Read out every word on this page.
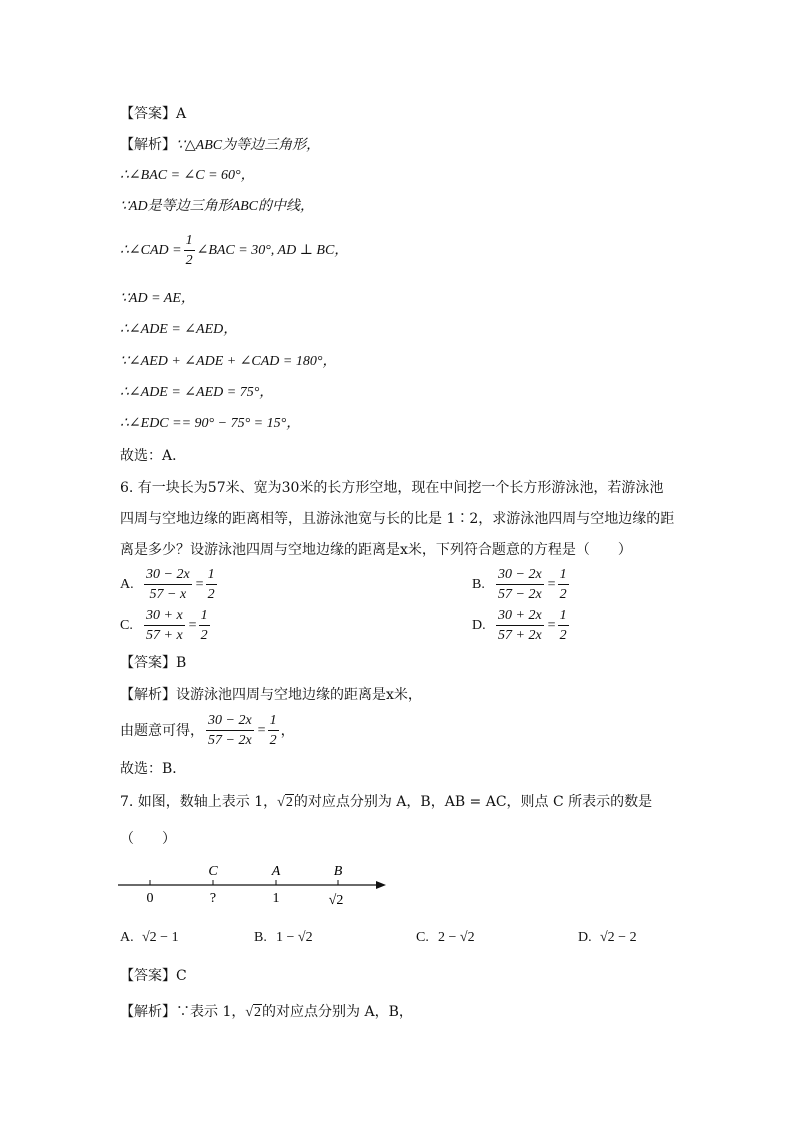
【答案】A
【解析】∵△ABC为等边三角形，
∴∠BAC = ∠C = 60°，
∵AD是等边三角形ABC的中线，
∴∠CAD = $\frac{1}{2}$ ∠BAC = 30°, AD ⊥ BC，
∵AD = AE，
∴∠ADE = ∠AED，
∵∠AED + ∠ADE + ∠CAD = 180°，
∴∠ADE = ∠AED = 75°，
∴∠EDC == 90° − 75° = 15°，
故选：A．
6. 有一块长为57米、宽为30米的长方形空地，现在中间挖一个长方形游泳池，若游泳池
四周与空地边缘的距离相等，且游泳池宽与长的比是 1∶2，求游泳池四周与空地边缘的距
离是多少？设游泳池四周与空地边缘的距离是x米，下列符合题意的方程是（　　）
A. $\frac{30 - 2x}{57 - x} = \frac{1}{2}$	B. $\frac{30 - 2x}{57 - 2x} = \frac{1}{2}$
C. $\frac{30 + x}{57 + x} = \frac{1}{2}$	D. $\frac{30 + 2x}{57 + 2x} = \frac{1}{2}$
【答案】B
【解析】设游泳池四周与空地边缘的距离是x米，
由题意可得， $\frac{30 - 2x}{57 - 2x} = \frac{1}{2}$ ，
故选：B．
7. 如图，数轴上表示 1，√2的对应点分别为 A，B，AB = AC，则点 C 所表示的数是
（　　）
C	A	B
0	?	1	√2
A. √2 − 1	B. 1 − √2	C. 2 − √2	D. √2 − 2
【答案】C
【解析】∵表示 1，√2的对应点分别为 A，B，
